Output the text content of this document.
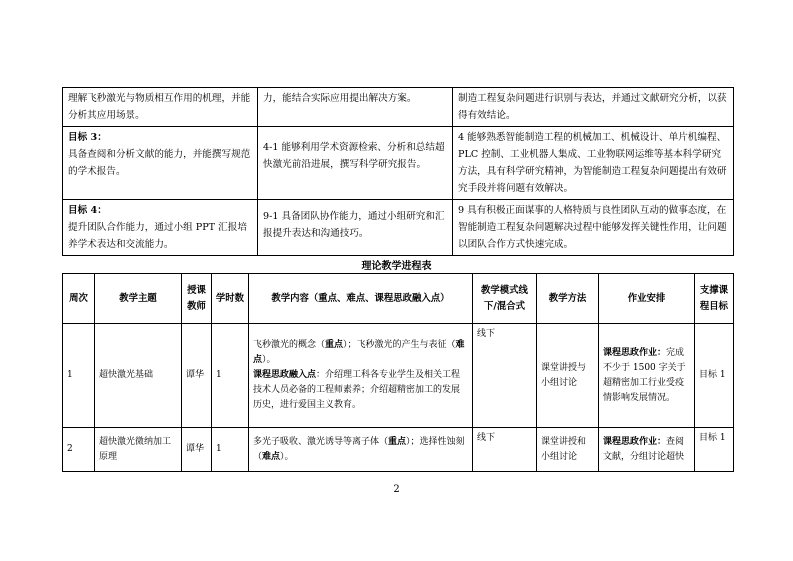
理解飞秒激光与物质相互作用的机理，并能分析其应用场景。	力，能结合实际应用提出解决方案。	制造工程复杂问题进行识别与表达，并通过文献研究分析，以获得有效结论。

目标 3：
具备查阅和分析文献的能力，并能撰写规范的学术报告。	4-1 能够利用学术资源检索、分析和总结超快激光前沿进展，撰写科学研究报告。	4 能够熟悉智能制造工程的机械加工、机械设计、单片机编程、PLC 控制、工业机器人集成、工业物联网运维等基本科学研究方法，具有科学研究精神，为智能制造工程复杂问题提出有效研究手段并将问题有效解决。

目标 4：
提升团队合作能力，通过小组 PPT 汇报培养学术表达和交流能力。	9-1 具备团队协作能力，通过小组研究和汇报提升表达和沟通技巧。	9 具有积极正面谋事的人格特质与良性团队互动的做事态度，在智能制造工程复杂问题解决过程中能够发挥关键性作用，让问题以团队合作方式快速完成。
理论教学进程表
周次	教学主题	授课教师	学时数	教学内容（重点、难点、课程思政融入点）	教学模式线下/混合式	教学方法	作业安排	支撑课程目标
1	超快激光基础	谭华	1	飞秒激光的概念（重点）；飞秒激光的产生与表征（难点）。
课程思政融入点：介绍理工科各专业学生及相关工程技术人员必备的工程师素养；介绍超精密加工的发展历史，进行爱国主义教育。	线下	课堂讲授与小组讨论	课程思政作业：完成不少于 1500 字关于超精密加工行业受疫情影响发展情况。	目标 1
2	超快激光微纳加工原理	谭华	1	多光子吸收、激光诱导等离子体（重点）；选择性蚀刻（难点）。	线下	课堂讲授和小组讨论	课程思政作业：查阅文献，分组讨论超快	目标 1
2
